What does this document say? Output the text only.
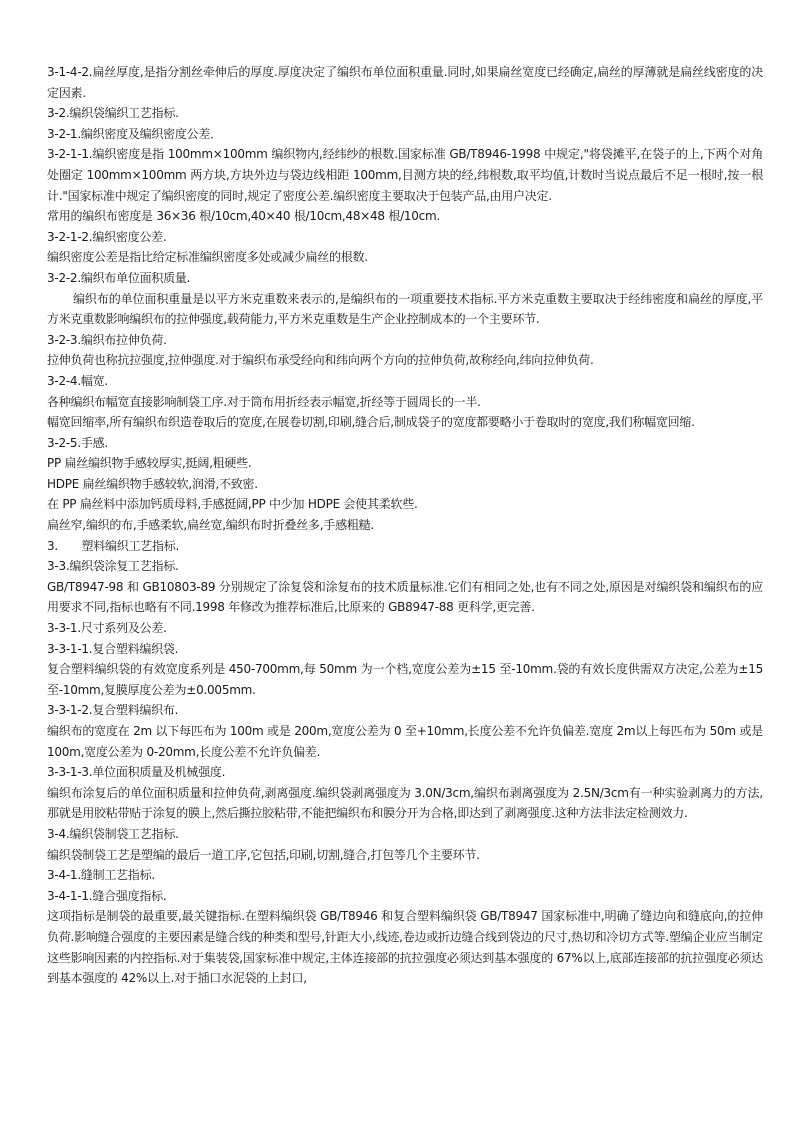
3-1-4-2.扁丝厚度,是指分割丝牵伸后的厚度.厚度决定了编织布单位面积重量.同时,如果扁丝宽度已经确定,扁丝的厚薄就是扁丝线密度的决定因素.

3-2.编织袋编织工艺指标.

3-2-1.编织密度及编织密度公差．

3-2-1-1.编织密度是指 100mm×100mm 编织物内,经纬纱的根数.国家标准 GB/T8946-1998 中规定,"将袋摊平,在袋子的上,下两个对角处圈定 100mm×100mm 两方块,方块外边与袋边线相距 100mm,目测方块的经,纬根数,取平均值,计数时当说点最后不足一根时,按一根计."国家标准中规定了编织密度的同时,规定了密度公差.编织密度主要取决于包装产品,由用户决定.

常用的编织布密度是 36×36 根/10cm,40×40 根/10cm,48×48 根/10cm.

3-2-1-2.编织密度公差.

编织密度公差是指比给定标准编织密度多处或减少扁丝的根数.

3-2-2.编织布单位面积质量.

编织布的单位面积重量是以平方米克重数来表示的,是编织布的一项重要技术指标.平方米克重数主要取决于经纬密度和扁丝的厚度,平方米克重数影响编织布的拉伸强度,载荷能力,平方米克重数是生产企业控制成本的一个主要环节.

3-2-3.编织布拉伸负荷.

拉伸负荷也称抗拉强度,拉伸强度.对于编织布承受经向和纬向两个方向的拉伸负荷,故称经向,纬向拉伸负荷.

3-2-4.幅宽.

各种编织布幅宽直接影响制袋工序.对于筒布用折经表示幅宽,折经等于圆周长的一半.

幅宽回缩率,所有编织布织造卷取后的宽度,在展卷切割,印刷,缝合后,制成袋子的宽度都要略小于卷取时的宽度,我们称幅宽回缩.

3-2-5.手感.

PP 扁丝编织物手感较厚实,挺阔,粗硬些.

HDPE 扁丝编织物手感较软,润滑,不致密.

在 PP 扁丝料中添加钙质母料,手感挺阔,PP 中少加 HDPE 会使其柔软些.

扁丝窄,编织的布,手感柔软,扁丝宽,编织布时折叠丝多,手感粗糙.

3.　　塑料编织工艺指标.

3-3.编织袋涂复工艺指标.

GB/T8947-98 和 GB10803-89 分别规定了涂复袋和涂复布的技术质量标准.它们有相同之处,也有不同之处,原因是对编织袋和编织布的应用要求不同,指标也略有不同.1998 年修改为推荐标准后,比原来的 GB8947-88 更科学,更完善.

3-3-1.尺寸系列及公差.

3-3-1-1.复合塑料编织袋.

复合塑料编织袋的有效宽度系列是 450-700mm,每 50mm 为一个档,宽度公差为±15 至-10mm.袋的有效长度供需双方决定,公差为±15 至-10mm,复膜厚度公差为±0.005mm.

3-3-1-2.复合塑料编织布.

编织布的宽度在 2m 以下每匹布为 100m 或是 200m,宽度公差为 0 至+10mm,长度公差不允许负偏差.宽度 2m以上每匹布为 50m 或是 100m,宽度公差为 0-20mm,长度公差不允许负偏差.

3-3-1-3.单位面积质量及机械强度.

编织布涂复后的单位面积质量和拉伸负荷,剥离强度.编织袋剥离强度为 3.0N/3cm,编织布剥离强度为 2.5N/3cm有一种实验剥离力的方法,那就是用胶粘带贴于涂复的膜上,然后撕拉胶粘带,不能把编织布和膜分开为合格,即达到了剥离强度.这种方法非法定检测效力.

3-4.编织袋制袋工艺指标.

编织袋制袋工艺是塑编的最后一道工序,它包括,印刷,切割,缝合,打包等几个主要环节.

3-4-1.缝制工艺指标.

3-4-1-1.缝合强度指标.

这项指标是制袋的最重要,最关键指标.在塑料编织袋 GB/T8946 和复合塑料编织袋 GB/T8947 国家标准中,明确了缝边向和缝底向,的拉伸负荷.影响缝合强度的主要因素是缝合线的种类和型号,针距大小,线迹,卷边或折边缝合线到袋边的尺寸,热切和冷切方式等.塑编企业应当制定这些影响因素的内控指标.对于集装袋,国家标准中规定,主体连接部的抗拉强度必须达到基本强度的 67%以上,底部连接部的抗拉强度必须达到基本强度的 42%以上.对于插口水泥袋的上封口,
